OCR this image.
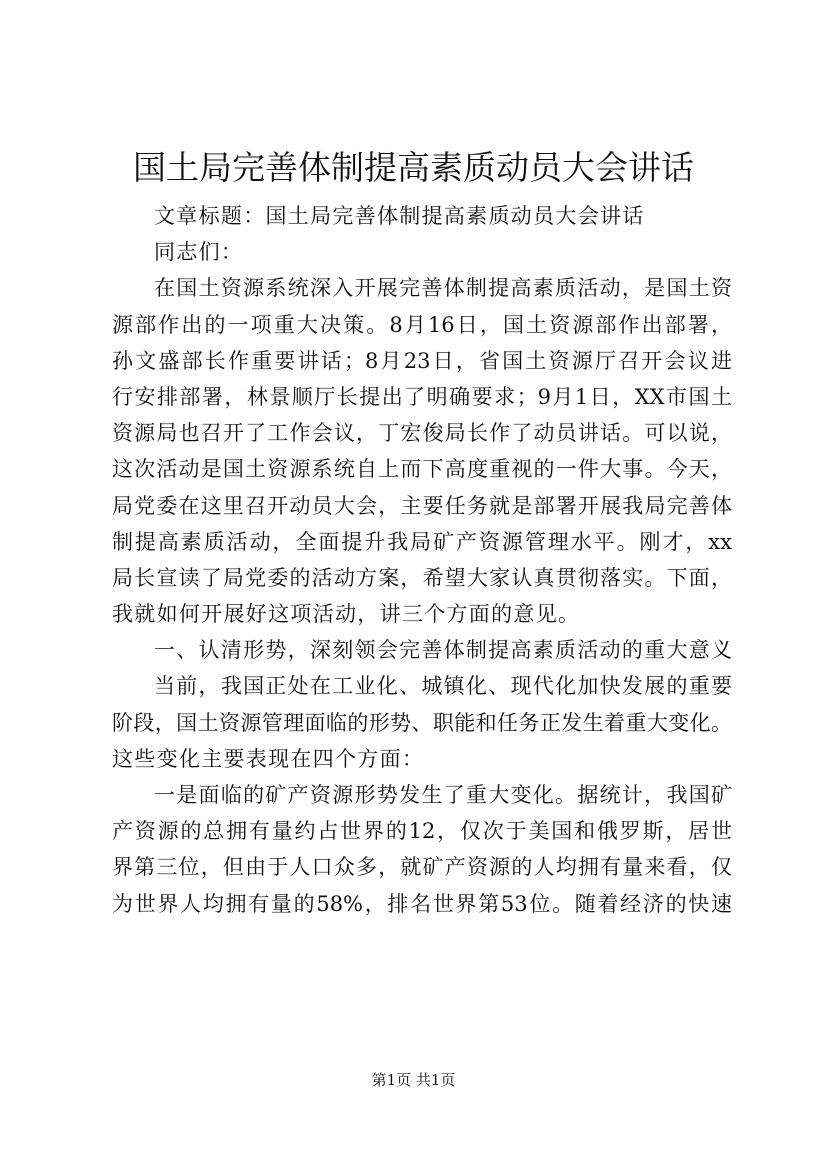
国土局完善体制提高素质动员大会讲话
文章标题：国土局完善体制提高素质动员大会讲话
同志们：
在国土资源系统深入开展完善体制提高素质活动，是国土资
源部作出的一项重大决策。8月16日，国土资源部作出部署，
孙文盛部长作重要讲话；8月23日，省国土资源厅召开会议进
行安排部署，林景顺厅长提出了明确要求；9月1日，XX市国土
资源局也召开了工作会议，丁宏俊局长作了动员讲话。可以说，
这次活动是国土资源系统自上而下高度重视的一件大事。今天，
局党委在这里召开动员大会，主要任务就是部署开展我局完善体
制提高素质活动，全面提升我局矿产资源管理水平。刚才，xx
局长宣读了局党委的活动方案，希望大家认真贯彻落实。下面，
我就如何开展好这项活动，讲三个方面的意见。
一、认清形势，深刻领会完善体制提高素质活动的重大意义
当前，我国正处在工业化、城镇化、现代化加快发展的重要
阶段，国土资源管理面临的形势、职能和任务正发生着重大变化。
这些变化主要表现在四个方面：
一是面临的矿产资源形势发生了重大变化。据统计，我国矿
产资源的总拥有量约占世界的12，仅次于美国和俄罗斯，居世
界第三位，但由于人口众多，就矿产资源的人均拥有量来看，仅
为世界人均拥有量的58%，排名世界第53位。随着经济的快速
第1页 共1页
